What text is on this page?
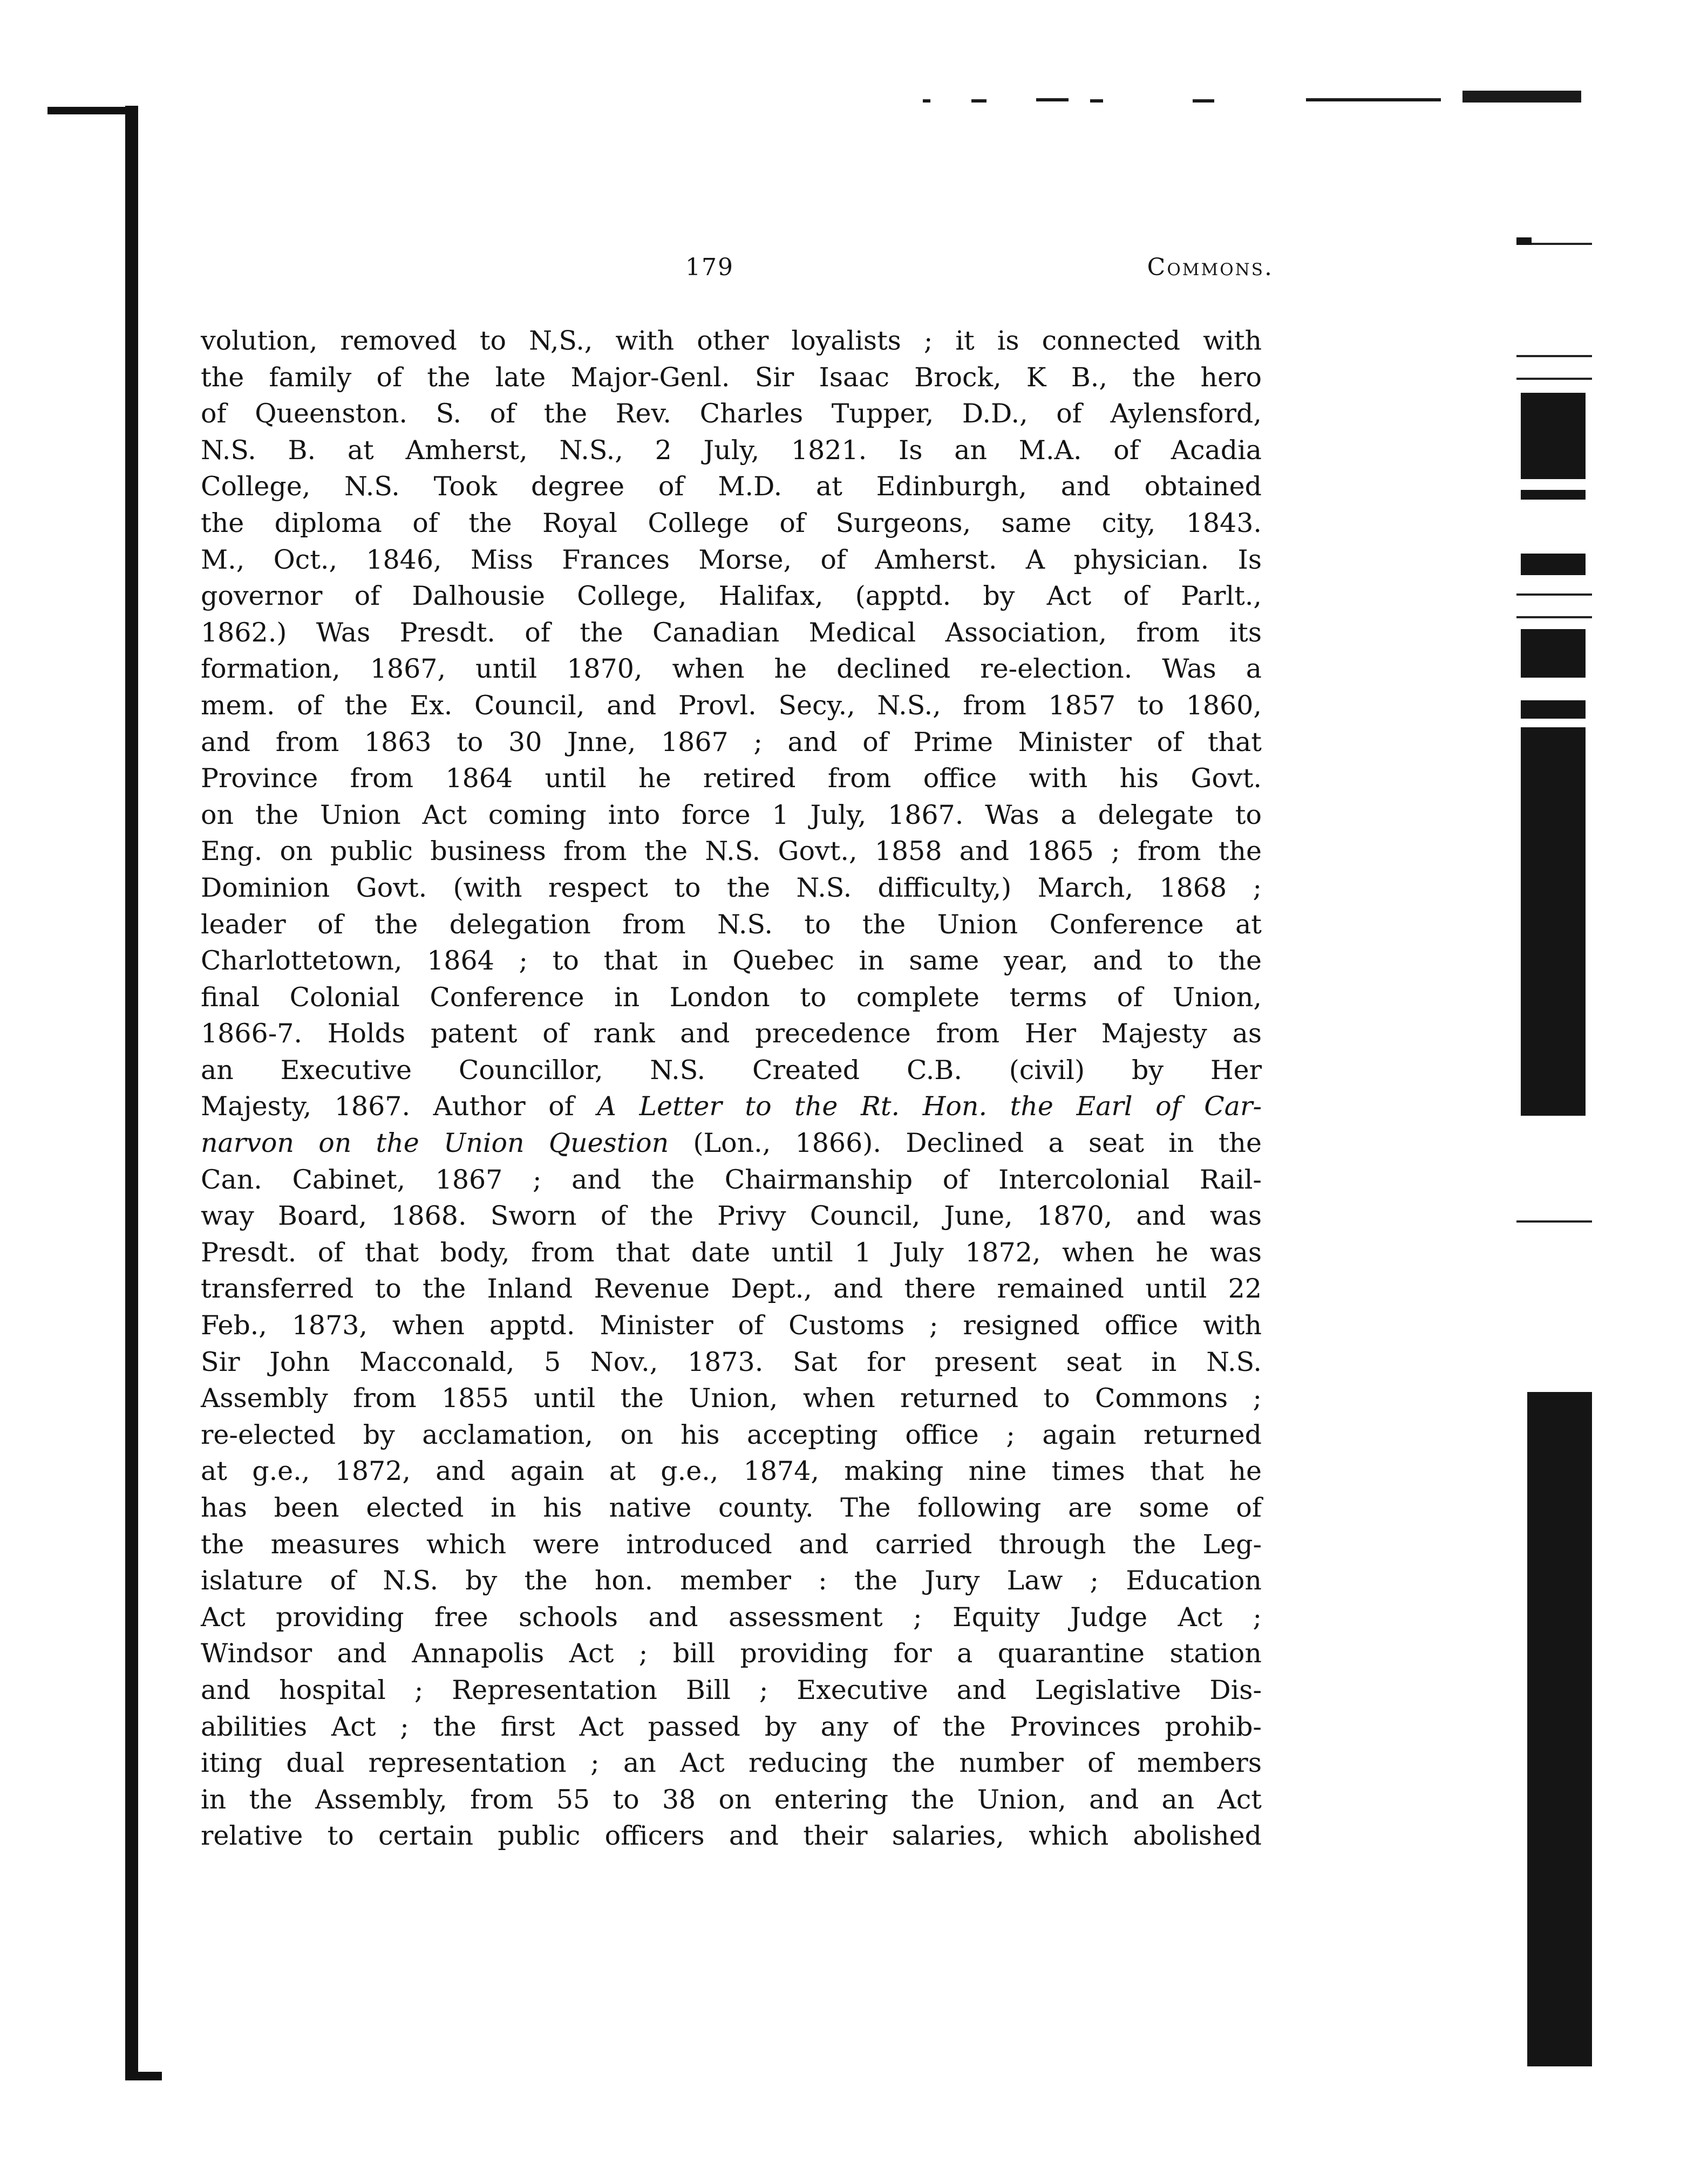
179	Commons.
volution, removed to N,S., with other loyalists ; it is connected with
the family of the late Major-Genl. Sir Isaac Brock, K B., the hero
of Queenston. S. of the Rev. Charles Tupper, D.D., of Aylensford,
N.S. B. at Amherst, N.S., 2 July, 1821. Is an M.A. of Acadia
College, N.S. Took degree of M.D. at Edinburgh, and obtained
the diploma of the Royal College of Surgeons, same city, 1843.
M., Oct., 1846, Miss Frances Morse, of Amherst. A physician. Is
governor of Dalhousie College, Halifax, (apptd. by Act of Parlt.,
1862.) Was Presdt. of the Canadian Medical Association, from its
formation, 1867, until 1870, when he declined re-election. Was a
mem. of the Ex. Council, and Provl. Secy., N.S., from 1857 to 1860,
and from 1863 to 30 Jnne, 1867 ; and of Prime Minister of that
Province from 1864 until he retired from office with his Govt.
on the Union Act coming into force 1 July, 1867. Was a delegate to
Eng. on public business from the N.S. Govt., 1858 and 1865 ; from the
Dominion Govt. (with respect to the N.S. difficulty,) March, 1868 ;
leader of the delegation from N.S. to the Union Conference at
Charlottetown, 1864 ; to that in Quebec in same year, and to the
final Colonial Conference in London to complete terms of Union,
1866-7. Holds patent of rank and precedence from Her Majesty as
an Executive Councillor, N.S. Created C.B. (civil) by Her
Majesty, 1867. Author of A Letter to the Rt. Hon. the Earl of Car-
narvon on the Union Question (Lon., 1866). Declined a seat in the
Can. Cabinet, 1867 ; and the Chairmanship of Intercolonial Rail-
way Board, 1868. Sworn of the Privy Council, June, 1870, and was
Presdt. of that body, from that date until 1 July 1872, when he was
transferred to the Inland Revenue Dept., and there remained until 22
Feb., 1873, when apptd. Minister of Customs ; resigned office with
Sir John Macconald, 5 Nov., 1873. Sat for present seat in N.S.
Assembly from 1855 until the Union, when returned to Commons ;
re-elected by acclamation, on his accepting office ; again returned
at g.e., 1872, and again at g.e., 1874, making nine times that he
has been elected in his native county. The following are some of
the measures which were introduced and carried through the Leg-
islature of N.S. by the hon. member : the Jury Law ; Education
Act providing free schools and assessment ; Equity Judge Act ;
Windsor and Annapolis Act ; bill providing for a quarantine station
and hospital ; Representation Bill ; Executive and Legislative Dis-
abilities Act ; the first Act passed by any of the Provinces prohib-
iting dual representation ; an Act reducing the number of members
in the Assembly, from 55 to 38 on entering the Union, and an Act
relative to certain public officers and their salaries, which abolished
